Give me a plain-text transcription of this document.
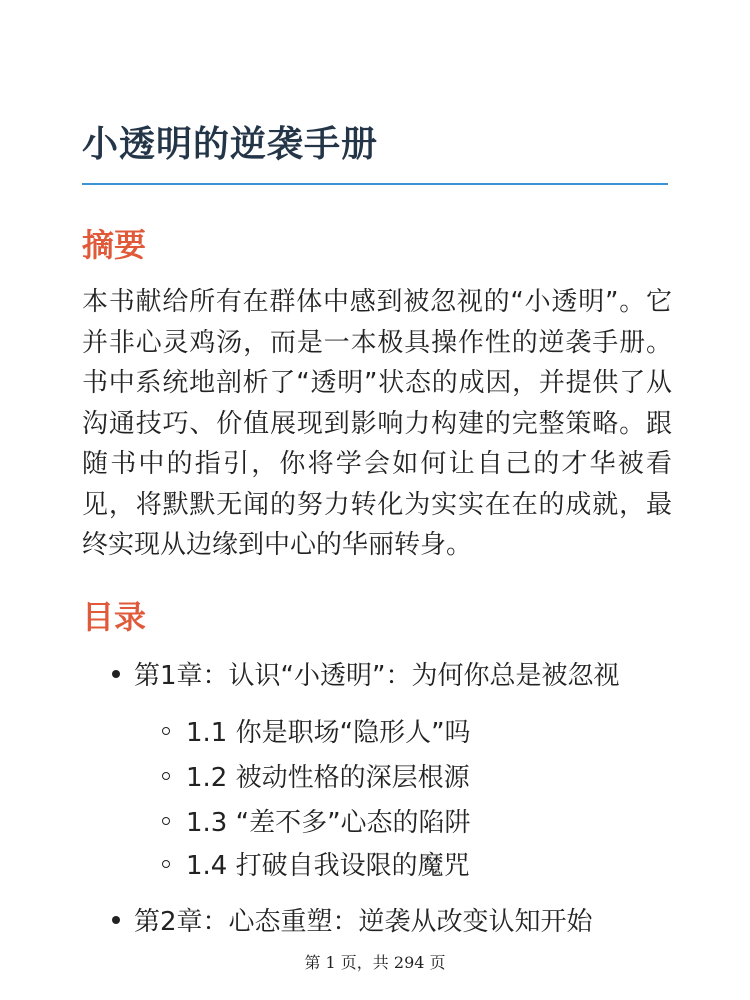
小透明的逆袭手册
摘要

本书献给所有在群体中感到被忽视的“小透明”。它并非心灵鸡汤，而是一本极具操作性的逆袭手册。书中系统地剖析了“透明”状态的成因，并提供了从沟通技巧、价值展现到影响力构建的完整策略。跟随书中的指引，你将学会如何让自己的才华被看见，将默默无闻的努力转化为实实在在的成就，最终实现从边缘到中心的华丽转身。

目录
第1章：认识“小透明”：为何你总是被忽视
1.1 你是职场“隐形人”吗
1.2 被动性格的深层根源
1.3 “差不多”心态的陷阱
1.4 打破自我设限的魔咒
第2章：心态重塑：逆袭从改变认知开始
第 1 页，共 294 页
